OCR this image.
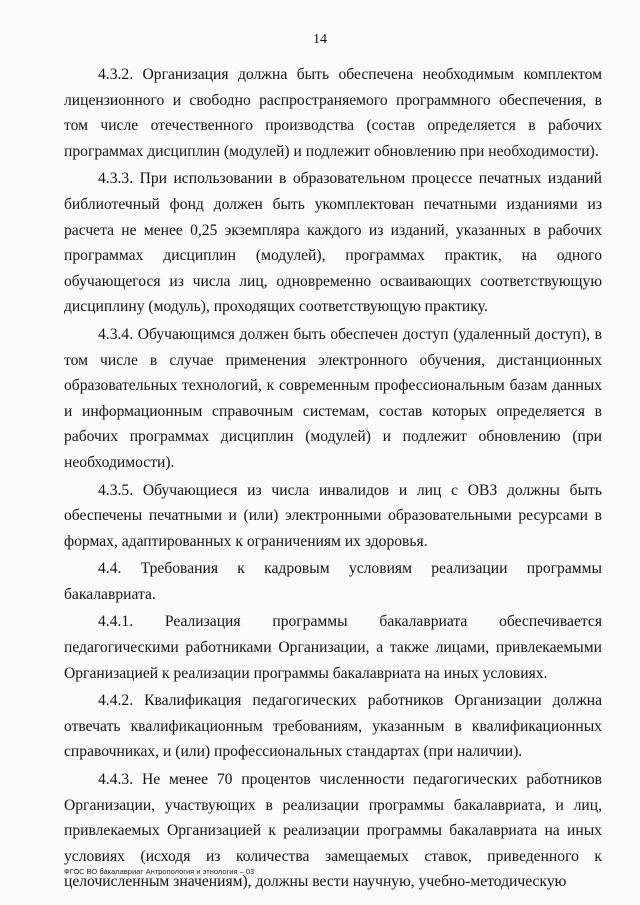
14

4.3.2. Организация должна быть обеспечена необходимым комплектом лицензионного и свободно распространяемого программного обеспечения, в том числе отечественного производства (состав определяется в рабочих программах дисциплин (модулей) и подлежит обновлению при необходимости).

4.3.3. При использовании в образовательном процессе печатных изданий библиотечный фонд должен быть укомплектован печатными изданиями из расчета не менее 0,25 экземпляра каждого из изданий, указанных в рабочих программах дисциплин (модулей), программах практик, на одного обучающегося из числа лиц, одновременно осваивающих соответствующую дисциплину (модуль), проходящих соответствующую практику.

4.3.4. Обучающимся должен быть обеспечен доступ (удаленный доступ), в том числе в случае применения электронного обучения, дистанционных образовательных технологий, к современным профессиональным базам данных и информационным справочным системам, состав которых определяется в рабочих программах дисциплин (модулей) и подлежит обновлению (при необходимости).

4.3.5. Обучающиеся из числа инвалидов и лиц с ОВЗ должны быть обеспечены печатными и (или) электронными образовательными ресурсами в формах, адаптированных к ограничениям их здоровья.

4.4. Требования к кадровым условиям реализации программы бакалавриата.

4.4.1. Реализация программы бакалавриата обеспечивается педагогическими работниками Организации, а также лицами, привлекаемыми Организацией к реализации программы бакалавриата на иных условиях.

4.4.2. Квалификация педагогических работников Организации должна отвечать квалификационным требованиям, указанным в квалификационных справочниках, и (или) профессиональных стандартах (при наличии).

4.4.3. Не менее 70 процентов численности педагогических работников Организации, участвующих в реализации программы бакалавриата, и лиц, привлекаемых Организацией к реализации программы бакалавриата на иных условиях (исходя из количества замещаемых ставок, приведенного к целочисленным значениям), должны вести научную, учебно-методическую

ФГОС ВО бакалавриат Антропология и этнология – 03
